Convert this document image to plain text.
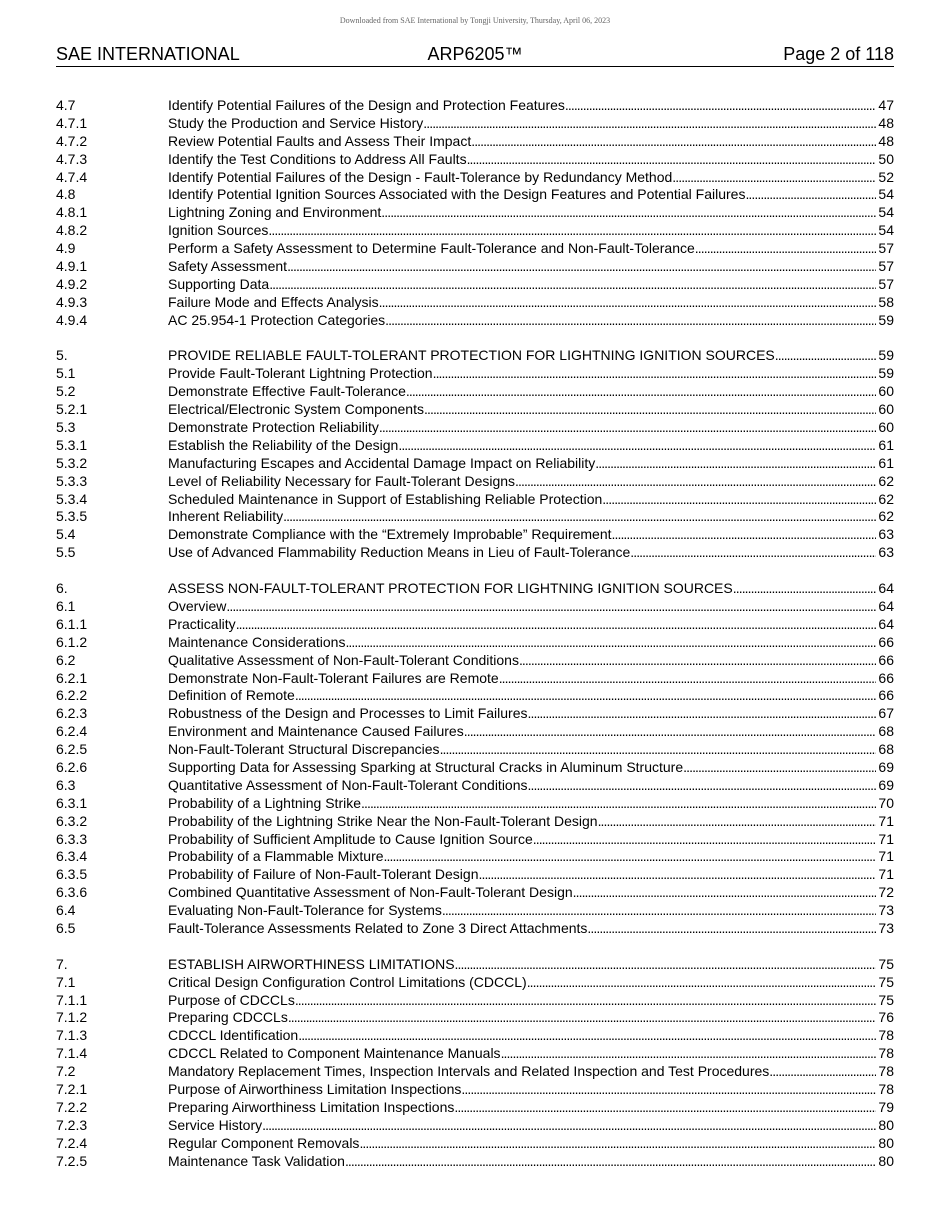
Downloaded from SAE International by Tongji University, Thursday, April 06, 2023
ARP6205™
SAE INTERNATIONAL	Page 2 of 118
4.7	Identify Potential Failures of the Design and Protection Features . . .	47
4.7.1	Study the Production and Service History . . .	48
4.7.2	Review Potential Faults and Assess Their Impact . . .	48
4.7.3	Identify the Test Conditions to Address All Faults . . .	50
4.7.4	Identify Potential Failures of the Design - Fault-Tolerance by Redundancy Method . . .	52
4.8	Identify Potential Ignition Sources Associated with the Design Features and Potential Failures . . .	54
4.8.1	Lightning Zoning and Environment . . .	54
4.8.2	Ignition Sources . . .	54
4.9	Perform a Safety Assessment to Determine Fault-Tolerance and Non-Fault-Tolerance . . .	57
4.9.1	Safety Assessment . . .	57
4.9.2	Supporting Data . . .	57
4.9.3	Failure Mode and Effects Analysis . . .	58
4.9.4	AC 25.954-1 Protection Categories . . .	59
5.	PROVIDE RELIABLE FAULT-TOLERANT PROTECTION FOR LIGHTNING IGNITION SOURCES . . .	59
5.1	Provide Fault-Tolerant Lightning Protection . . .	59
5.2	Demonstrate Effective Fault-Tolerance . . .	60
5.2.1	Electrical/Electronic System Components . . .	60
5.3	Demonstrate Protection Reliability . . .	60
5.3.1	Establish the Reliability of the Design . . .	61
5.3.2	Manufacturing Escapes and Accidental Damage Impact on Reliability . . .	61
5.3.3	Level of Reliability Necessary for Fault-Tolerant Designs . . .	62
5.3.4	Scheduled Maintenance in Support of Establishing Reliable Protection . . .	62
5.3.5	Inherent Reliability . . .	62
5.4	Demonstrate Compliance with the “Extremely Improbable” Requirement . . .	63
5.5	Use of Advanced Flammability Reduction Means in Lieu of Fault-Tolerance . . .	63
6.	ASSESS NON-FAULT-TOLERANT PROTECTION FOR LIGHTNING IGNITION SOURCES . . .	64
6.1	Overview . . .	64
6.1.1	Practicality . . .	64
6.1.2	Maintenance Considerations . . .	66
6.2	Qualitative Assessment of Non-Fault-Tolerant Conditions . . .	66
6.2.1	Demonstrate Non-Fault-Tolerant Failures are Remote . . .	66
6.2.2	Definition of Remote . . .	66
6.2.3	Robustness of the Design and Processes to Limit Failures . . .	67
6.2.4	Environment and Maintenance Caused Failures . . .	68
6.2.5	Non-Fault-Tolerant Structural Discrepancies . . .	68
6.2.6	Supporting Data for Assessing Sparking at Structural Cracks in Aluminum Structure . . .	69
6.3	Quantitative Assessment of Non-Fault-Tolerant Conditions . . .	69
6.3.1	Probability of a Lightning Strike . . .	70
6.3.2	Probability of the Lightning Strike Near the Non-Fault-Tolerant Design . . .	71
6.3.3	Probability of Sufficient Amplitude to Cause Ignition Source . . .	71
6.3.4	Probability of a Flammable Mixture . . .	71
6.3.5	Probability of Failure of Non-Fault-Tolerant Design . . .	71
6.3.6	Combined Quantitative Assessment of Non-Fault-Tolerant Design . . .	72
6.4	Evaluating Non-Fault-Tolerance for Systems . . .	73
6.5	Fault-Tolerance Assessments Related to Zone 3 Direct Attachments . . .	73
7.	ESTABLISH AIRWORTHINESS LIMITATIONS . . .	75
7.1	Critical Design Configuration Control Limitations (CDCCL) . . .	75
7.1.1	Purpose of CDCCLs . . .	75
7.1.2	Preparing CDCCLs . . .	76
7.1.3	CDCCL Identification . . .	78
7.1.4	CDCCL Related to Component Maintenance Manuals . . .	78
7.2	Mandatory Replacement Times, Inspection Intervals and Related Inspection and Test Procedures . . .	78
7.2.1	Purpose of Airworthiness Limitation Inspections . . .	78
7.2.2	Preparing Airworthiness Limitation Inspections . . .	79
7.2.3	Service History . . .	80
7.2.4	Regular Component Removals . . .	80
7.2.5	Maintenance Task Validation . . .	80
